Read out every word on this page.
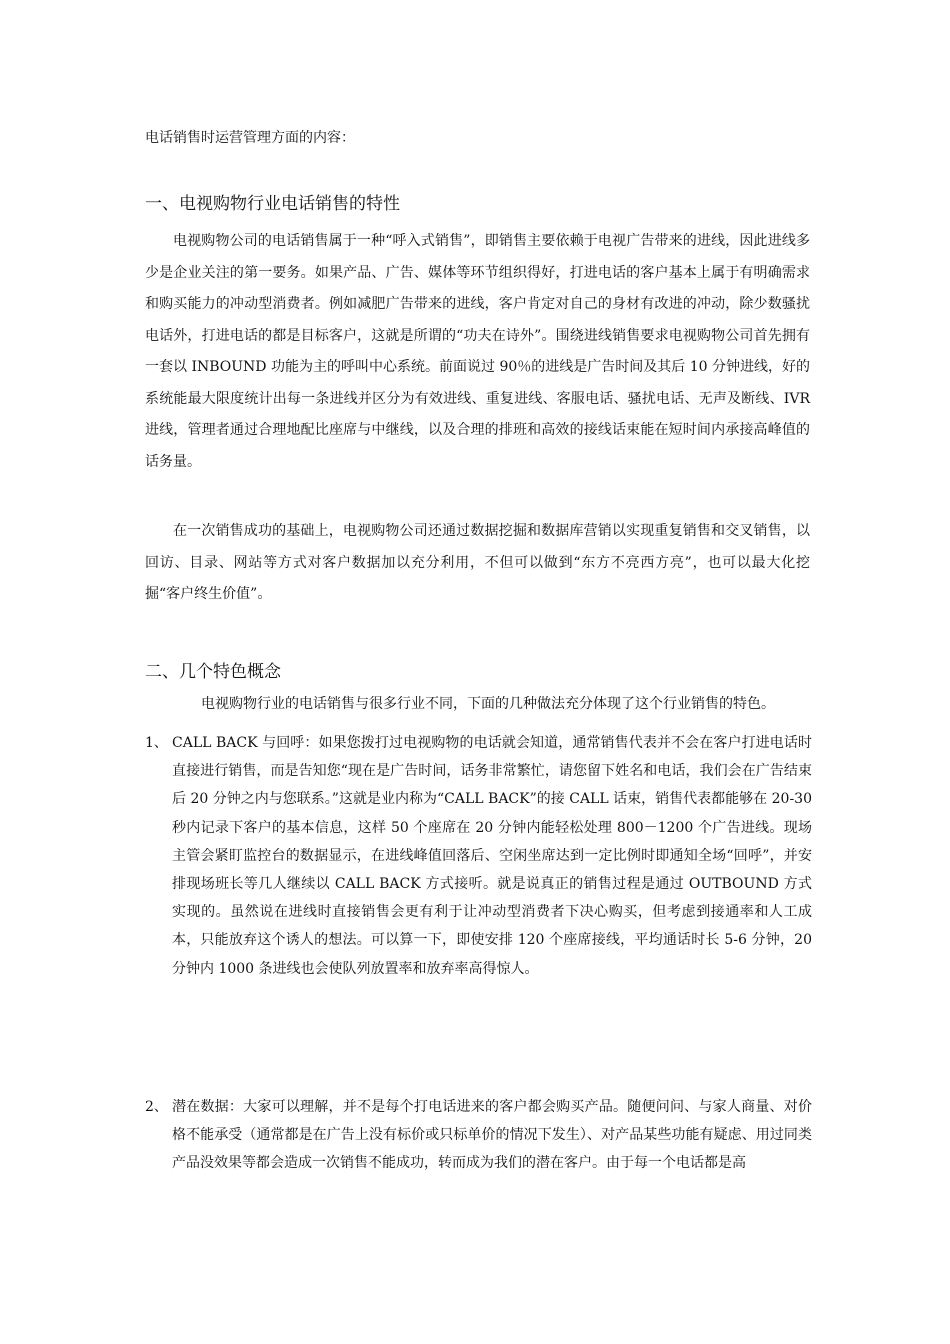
电话销售时运营管理方面的内容：
一、电视购物行业电话销售的特性

电视购物公司的电话销售属于一种“呼入式销售”，即销售主要依赖于电视广告带来的进线，因此进线多少是企业关注的第一要务。如果产品、广告、媒体等环节组织得好，打进电话的客户基本上属于有明确需求和购买能力的冲动型消费者。例如减肥广告带来的进线，客户肯定对自己的身材有改进的冲动，除少数骚扰电话外，打进电话的都是目标客户，这就是所谓的“功夫在诗外”。围绕进线销售要求电视购物公司首先拥有一套以 INBOUND 功能为主的呼叫中心系统。前面说过 90％的进线是广告时间及其后 10 分钟进线，好的系统能最大限度统计出每一条进线并区分为有效进线、重复进线、客服电话、骚扰电话、无声及断线、IVR 进线，管理者通过合理地配比座席与中继线，以及合理的排班和高效的接线话束能在短时间内承接高峰值的话务量。

在一次销售成功的基础上，电视购物公司还通过数据挖掘和数据库营销以实现重复销售和交叉销售，以回访、目录、网站等方式对客户数据加以充分利用，不但可以做到“东方不亮西方亮”，也可以最大化挖掘“客户终生价值”。

二、几个特色概念
电视购物行业的电话销售与很多行业不同，下面的几种做法充分体现了这个行业销售的特色。
1、 CALL BACK 与回呼：如果您拨打过电视购物的电话就会知道，通常销售代表并不会在客户打进电话时直接进行销售，而是告知您“现在是广告时间，话务非常繁忙，请您留下姓名和电话，我们会在广告结束后 20 分钟之内与您联系。”这就是业内称为“CALL BACK”的接 CALL 话束，销售代表都能够在 20-30 秒内记录下客户的基本信息，这样 50 个座席在 20 分钟内能轻松处理 800－1200 个广告进线。现场主管会紧盯监控台的数据显示，在进线峰值回落后、空闲坐席达到一定比例时即通知全场“回呼”，并安排现场班长等几人继续以 CALL BACK 方式接听。就是说真正的销售过程是通过 OUTBOUND 方式实现的。虽然说在进线时直接销售会更有利于让冲动型消费者下决心购买，但考虑到接通率和人工成本，只能放弃这个诱人的想法。可以算一下，即使安排 120 个座席接线，平均通话时长 5-6 分钟，20 分钟内 1000 条进线也会使队列放置率和放弃率高得惊人。

2、 潜在数据：大家可以理解，并不是每个打电话进来的客户都会购买产品。随便问问、与家人商量、对价格不能承受（通常都是在广告上没有标价或只标单价的情况下发生）、对产品某些功能有疑虑、用过同类产品没效果等都会造成一次销售不能成功，转而成为我们的潜在客户。由于每一个电话都是高
